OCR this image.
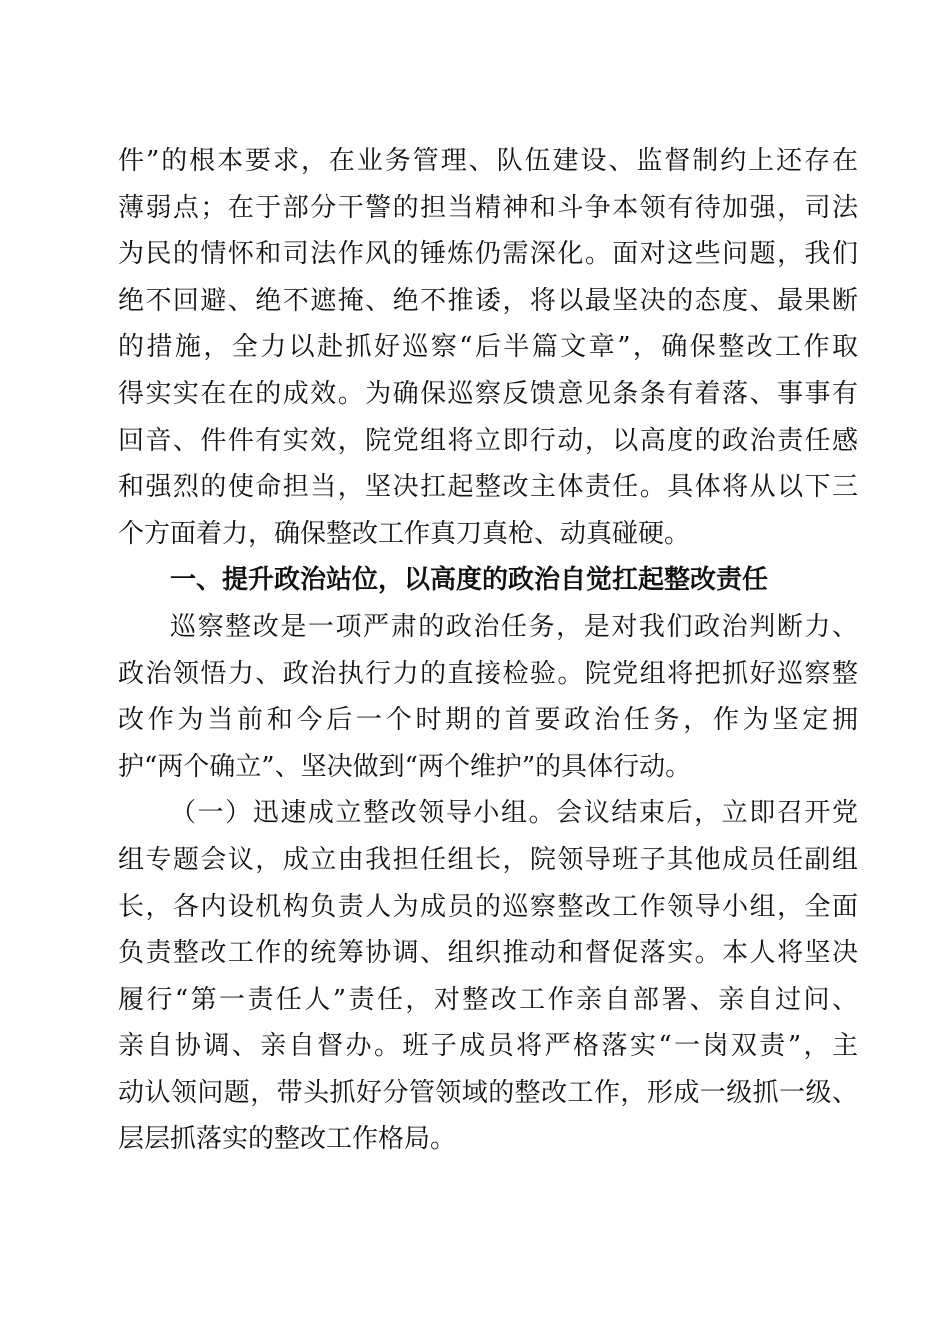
件”的根本要求，在业务管理、队伍建设、监督制约上还存在
薄弱点；在于部分干警的担当精神和斗争本领有待加强，司法
为民的情怀和司法作风的锤炼仍需深化。面对这些问题，我们
绝不回避、绝不遮掩、绝不推诿，将以最坚决的态度、最果断
的措施，全力以赴抓好巡察“后半篇文章”，确保整改工作取
得实实在在的成效。为确保巡察反馈意见条条有着落、事事有
回音、件件有实效，院党组将立即行动，以高度的政治责任感
和强烈的使命担当，坚决扛起整改主体责任。具体将从以下三
个方面着力，确保整改工作真刀真枪、动真碰硬。
一、提升政治站位，以高度的政治自觉扛起整改责任
巡察整改是一项严肃的政治任务，是对我们政治判断力、
政治领悟力、政治执行力的直接检验。院党组将把抓好巡察整
改作为当前和今后一个时期的首要政治任务，作为坚定拥
护“两个确立”、坚决做到“两个维护”的具体行动。
（一）迅速成立整改领导小组。会议结束后，立即召开党
组专题会议，成立由我担任组长，院领导班子其他成员任副组
长，各内设机构负责人为成员的巡察整改工作领导小组，全面
负责整改工作的统筹协调、组织推动和督促落实。本人将坚决
履行“第一责任人”责任，对整改工作亲自部署、亲自过问、
亲自协调、亲自督办。班子成员将严格落实“一岗双责”，主
动认领问题，带头抓好分管领域的整改工作，形成一级抓一级、
层层抓落实的整改工作格局。
